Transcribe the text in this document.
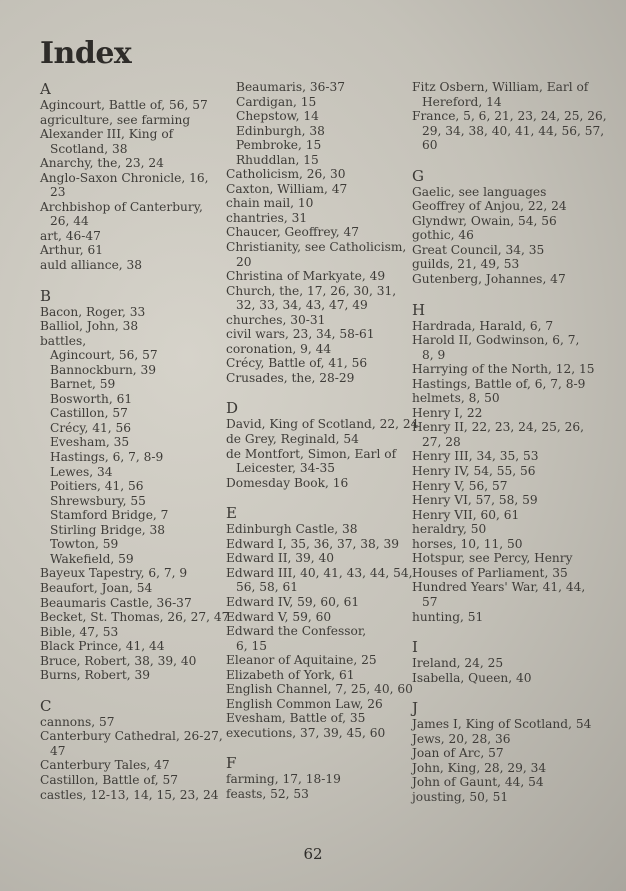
Index
A
Agincourt, Battle of, 56, 57
agriculture, see farming
Alexander III, King of
Scotland, 38
Anarchy, the, 23, 24
Anglo-Saxon Chronicle, 16,
23
Archbishop of Canterbury,
26, 44
art, 46-47
Arthur, 61
auld alliance, 38
B
Bacon, Roger, 33
Balliol, John, 38
battles,
Agincourt, 56, 57
Bannockburn, 39
Barnet, 59
Bosworth, 61
Castillon, 57
Crécy, 41, 56
Evesham, 35
Hastings, 6, 7, 8-9
Lewes, 34
Poitiers, 41, 56
Shrewsbury, 55
Stamford Bridge, 7
Stirling Bridge, 38
Towton, 59
Wakefield, 59
Bayeux Tapestry, 6, 7, 9
Beaufort, Joan, 54
Beaumaris Castle, 36-37
Becket, St. Thomas, 26, 27, 47
Bible, 47, 53
Black Prince, 41, 44
Bruce, Robert, 38, 39, 40
Burns, Robert, 39
C
cannons, 57
Canterbury Cathedral, 26-27,
47
Canterbury Tales, 47
Castillon, Battle of, 57
castles, 12-13, 14, 15, 23, 24
Beaumaris, 36-37
Cardigan, 15
Chepstow, 14
Edinburgh, 38
Pembroke, 15
Rhuddlan, 15
Catholicism, 26, 30
Caxton, William, 47
chain mail, 10
chantries, 31
Chaucer, Geoffrey, 47
Christianity, see Catholicism,
20
Christina of Markyate, 49
Church, the, 17, 26, 30, 31,
32, 33, 34, 43, 47, 49
churches, 30-31
civil wars, 23, 34, 58-61
coronation, 9, 44
Crécy, Battle of, 41, 56
Crusades, the, 28-29
D
David, King of Scotland, 22, 24
de Grey, Reginald, 54
de Montfort, Simon, Earl of
Leicester, 34-35
Domesday Book, 16
E
Edinburgh Castle, 38
Edward I, 35, 36, 37, 38, 39
Edward II, 39, 40
Edward III, 40, 41, 43, 44, 54,
56, 58, 61
Edward IV, 59, 60, 61
Edward V, 59, 60
Edward the Confessor,
6, 15
Eleanor of Aquitaine, 25
Elizabeth of York, 61
English Channel, 7, 25, 40, 60
English Common Law, 26
Evesham, Battle of, 35
executions, 37, 39, 45, 60
F
farming, 17, 18-19
feasts, 52, 53
Fitz Osbern, William, Earl of
Hereford, 14
France, 5, 6, 21, 23, 24, 25, 26,
29, 34, 38, 40, 41, 44, 56, 57,
60
G
Gaelic, see languages
Geoffrey of Anjou, 22, 24
Glyndwr, Owain, 54, 56
gothic, 46
Great Council, 34, 35
guilds, 21, 49, 53
Gutenberg, Johannes, 47
H
Hardrada, Harald, 6, 7
Harold II, Godwinson, 6, 7,
8, 9
Harrying of the North, 12, 15
Hastings, Battle of, 6, 7, 8-9
helmets, 8, 50
Henry I, 22
Henry II, 22, 23, 24, 25, 26,
27, 28
Henry III, 34, 35, 53
Henry IV, 54, 55, 56
Henry V, 56, 57
Henry VI, 57, 58, 59
Henry VII, 60, 61
heraldry, 50
horses, 10, 11, 50
Hotspur, see Percy, Henry
Houses of Parliament, 35
Hundred Years' War, 41, 44,
57
hunting, 51
I
Ireland, 24, 25
Isabella, Queen, 40
J
James I, King of Scotland, 54
Jews, 20, 28, 36
Joan of Arc, 57
John, King, 28, 29, 34
John of Gaunt, 44, 54
jousting, 50, 51
62
